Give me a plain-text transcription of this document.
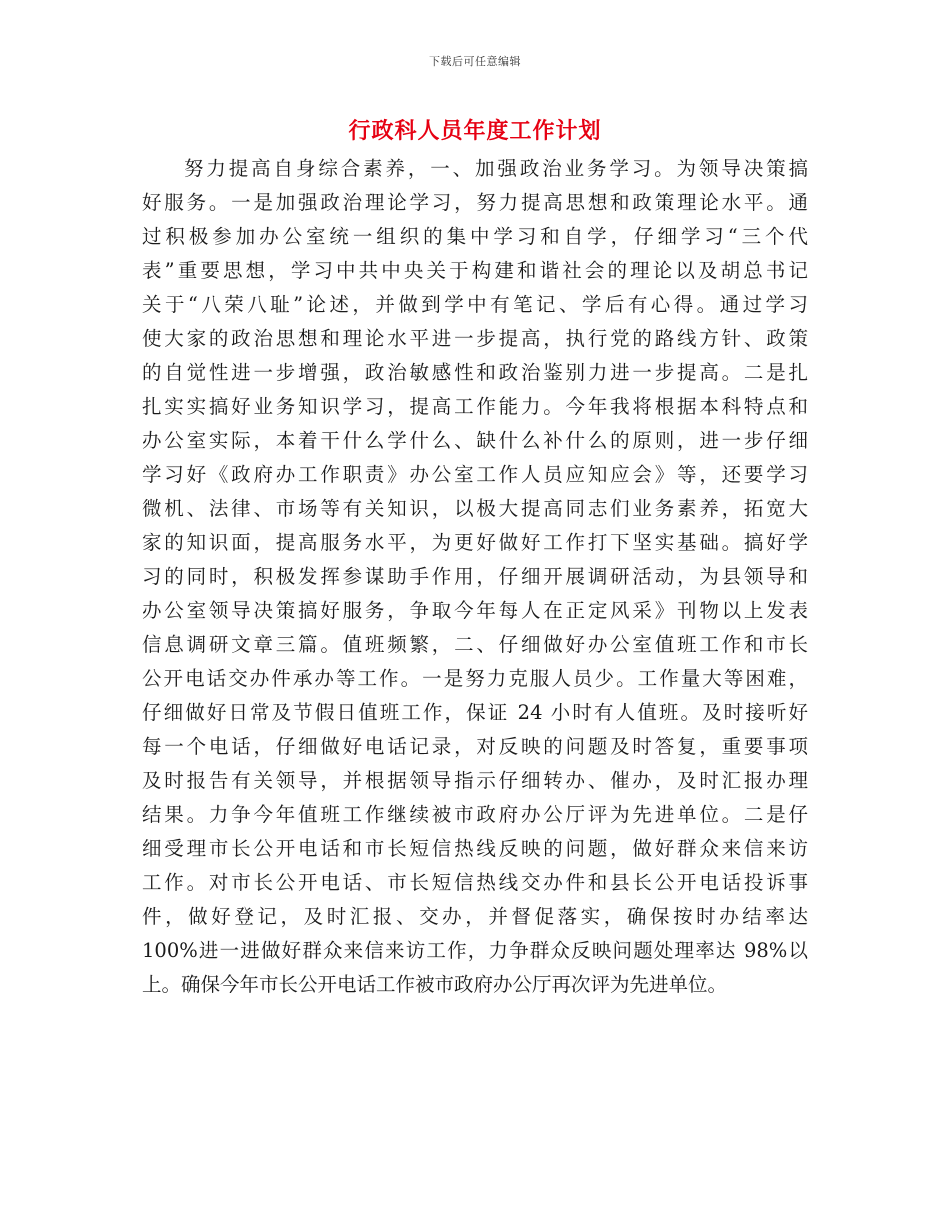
下载后可任意编辑
行政科人员年度工作计划
努力提高自身综合素养，一、加强政治业务学习。为领导决策搞
好服务。一是加强政治理论学习，努力提高思想和政策理论水平。通
过积极参加办公室统一组织的集中学习和自学，仔细学习“三个代
表”重要思想，学习中共中央关于构建和谐社会的理论以及胡总书记
关于“八荣八耻”论述，并做到学中有笔记、学后有心得。通过学习
使大家的政治思想和理论水平进一步提高，执行党的路线方针、政策
的自觉性进一步增强，政治敏感性和政治鉴别力进一步提高。二是扎
扎实实搞好业务知识学习，提高工作能力。今年我将根据本科特点和
办公室实际，本着干什么学什么、缺什么补什么的原则，进一步仔细
学习好《政府办工作职责》办公室工作人员应知应会》等，还要学习
微机、法律、市场等有关知识，以极大提高同志们业务素养，拓宽大
家的知识面，提高服务水平，为更好做好工作打下坚实基础。搞好学
习的同时，积极发挥参谋助手作用，仔细开展调研活动，为县领导和
办公室领导决策搞好服务，争取今年每人在正定风采》刊物以上发表
信息调研文章三篇。值班频繁，二、仔细做好办公室值班工作和市长
公开电话交办件承办等工作。一是努力克服人员少。工作量大等困难，
仔细做好日常及节假日值班工作，保证 24 小时有人值班。及时接听好
每一个电话，仔细做好电话记录，对反映的问题及时答复，重要事项
及时报告有关领导，并根据领导指示仔细转办、催办，及时汇报办理
结果。力争今年值班工作继续被市政府办公厅评为先进单位。二是仔
细受理市长公开电话和市长短信热线反映的问题，做好群众来信来访
工作。对市长公开电话、市长短信热线交办件和县长公开电话投诉事
件，做好登记，及时汇报、交办，并督促落实，确保按时办结率达
100%进一进做好群众来信来访工作，力争群众反映问题处理率达 98%以
上。确保今年市长公开电话工作被市政府办公厅再次评为先进单位。
